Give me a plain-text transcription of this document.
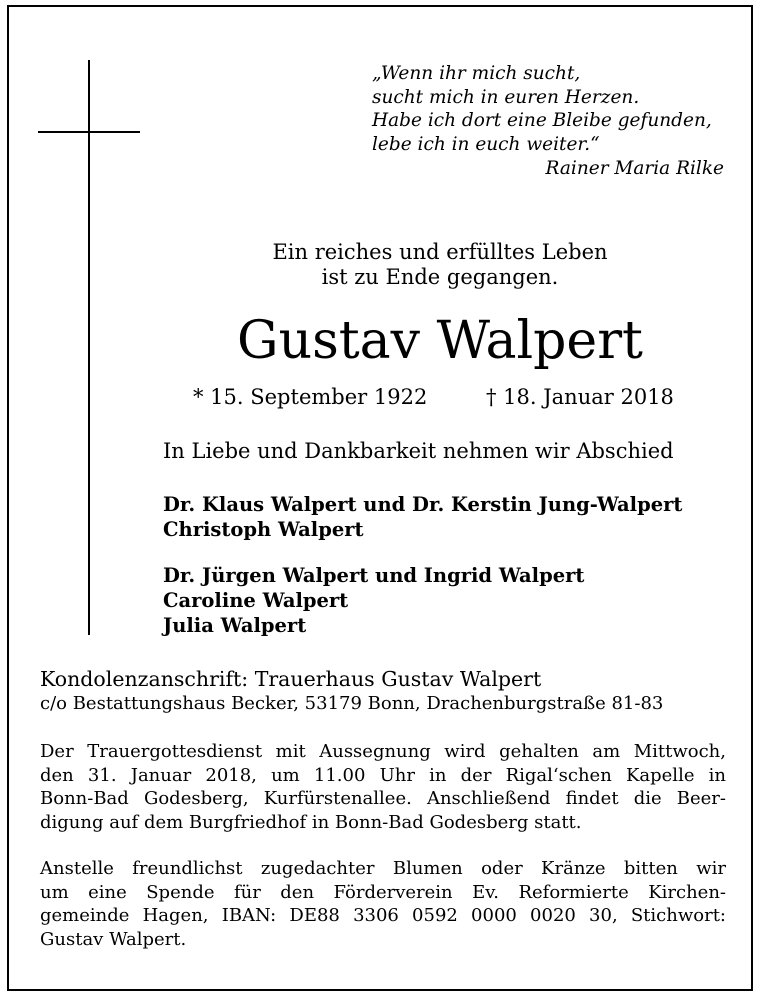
„Wenn ihr mich sucht,
sucht mich in euren Herzen.
Habe ich dort eine Bleibe gefunden,
lebe ich in euch weiter.“
Rainer Maria Rilke
Ein reiches und erfülltes Leben
ist zu Ende gegangen.
Gustav Walpert
* 15. September 1922	† 18. Januar 2018
In Liebe und Dankbarkeit nehmen wir Abschied
Dr. Klaus Walpert und Dr. Kerstin Jung-Walpert
Christoph Walpert
Dr. Jürgen Walpert und Ingrid Walpert
Caroline Walpert
Julia Walpert
Kondolenzanschrift: Trauerhaus Gustav Walpert
c/o Bestattungshaus Becker, 53179 Bonn, Drachenburgstraße 81-83
Der Trauergottesdienst mit Aussegnung wird gehalten am Mittwoch,
den 31. Januar 2018, um 11.00 Uhr in der Rigal‘schen Kapelle in
Bonn-Bad Godesberg, Kurfürstenallee. Anschließend findet die Beer-
digung auf dem Burgfriedhof in Bonn-Bad Godesberg statt.
Anstelle freundlichst zugedachter Blumen oder Kränze bitten wir
um eine Spende für den Förderverein Ev. Reformierte Kirchen-
gemeinde Hagen, IBAN: DE88 3306 0592 0000 0020 30, Stichwort:
Gustav Walpert.
